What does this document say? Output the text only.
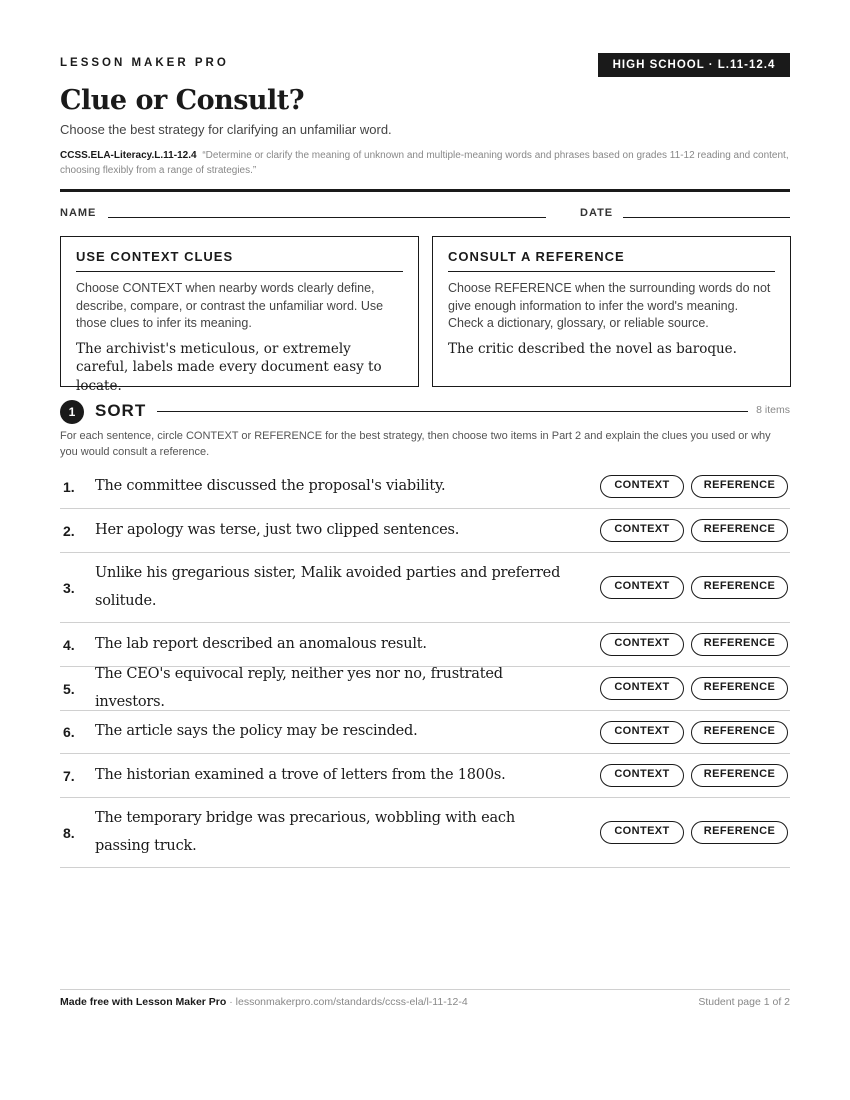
LESSON MAKER PRO	HIGH SCHOOL · L.11-12.4
Clue or Consult?
Choose the best strategy for clarifying an unfamiliar word.
CCSS.ELA-Literacy.L.11-12.4 “Determine or clarify the meaning of unknown and multiple-meaning words and phrases based on grades 11-12 reading and content, choosing flexibly from a range of strategies.”
NAME	DATE
USE CONTEXT CLUES
Choose CONTEXT when nearby words clearly define, describe, compare, or contrast the unfamiliar word. Use those clues to infer its meaning.
The archivist's meticulous, or extremely careful, labels made every document easy to locate.
CONSULT A REFERENCE
Choose REFERENCE when the surrounding words do not give enough information to infer the word's meaning. Check a dictionary, glossary, or reliable source.
The critic described the novel as baroque.
1	SORT	8 items
For each sentence, circle CONTEXT or REFERENCE for the best strategy, then choose two items in Part 2 and explain the clues you used or why you would consult a reference.
1. The committee discussed the proposal's viability.	CONTEXT	REFERENCE
2. Her apology was terse, just two clipped sentences.	CONTEXT	REFERENCE
3.
Unlike his gregarious sister, Malik avoided parties and preferred solitude.
CONTEXT	REFERENCE
4. The lab report described an anomalous result.	CONTEXT	REFERENCE
5.
The CEO's equivocal reply, neither yes nor no, frustrated investors.
CONTEXT	REFERENCE
6. The article says the policy may be rescinded.	CONTEXT	REFERENCE
7. The historian examined a trove of letters from the 1800s.	CONTEXT	REFERENCE
8.
The temporary bridge was precarious, wobbling with each passing truck.
CONTEXT	REFERENCE
Made free with Lesson Maker Pro · lessonmakerpro.com/standards/ccss-ela/l-11-12-4	Student page 1 of 2
